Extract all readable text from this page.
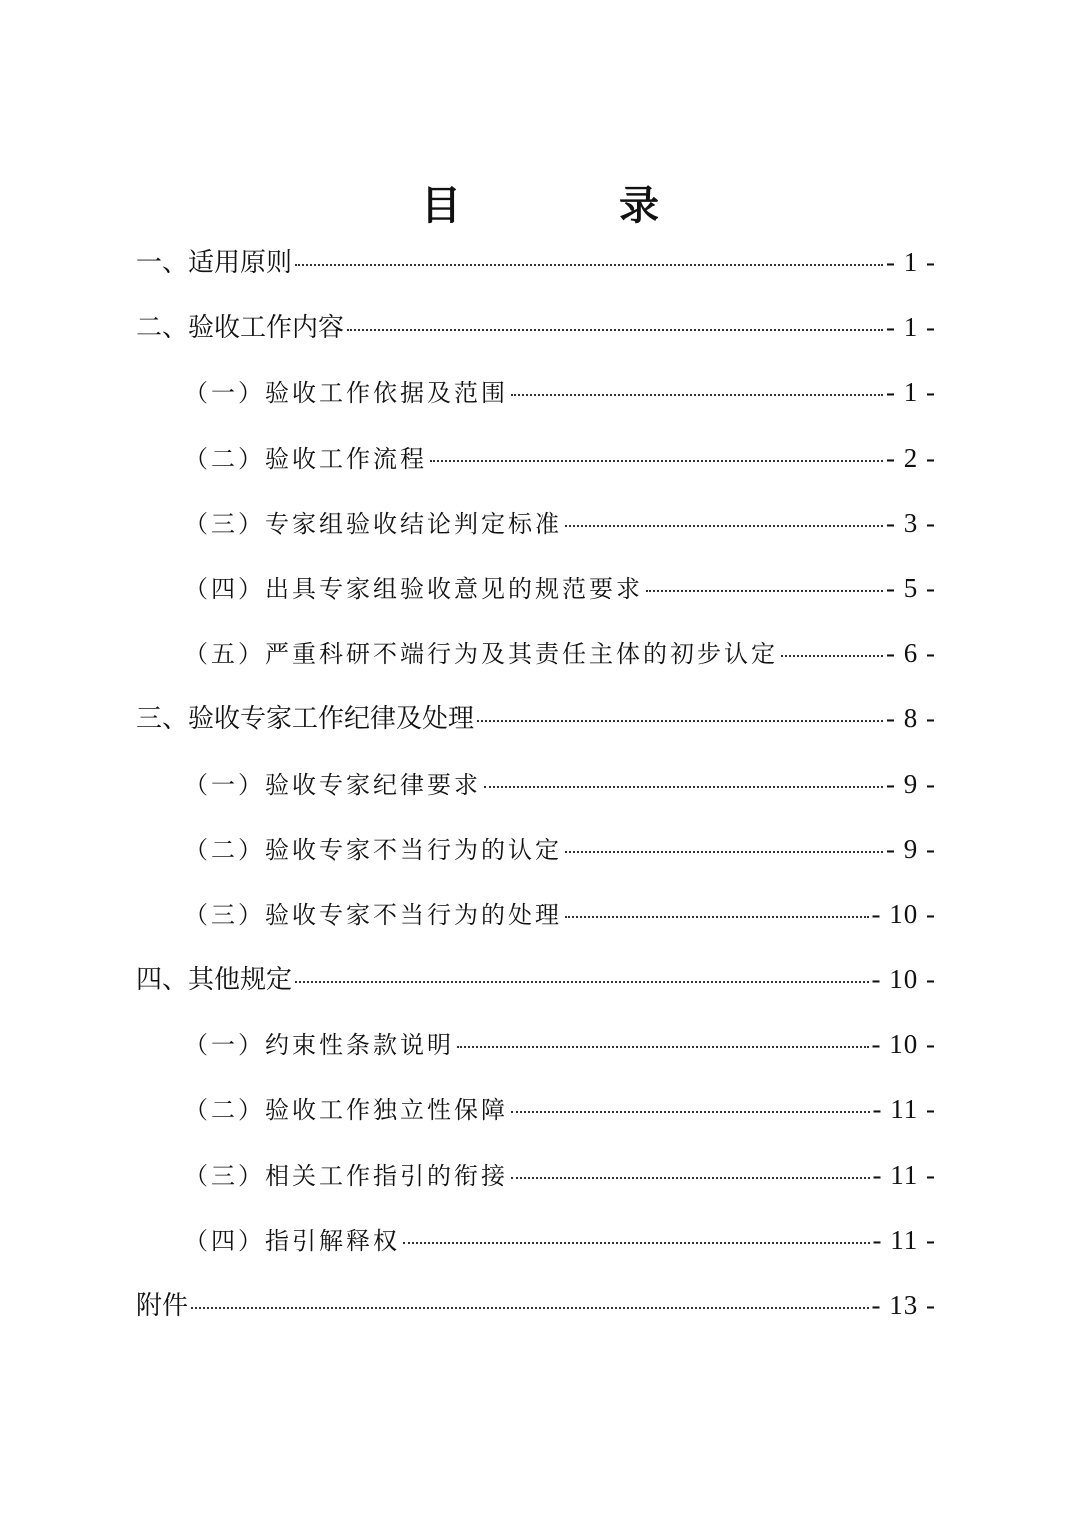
目 录
一、适用原则	- 1 -
二、验收工作内容	- 1 -
（一）验收工作依据及范围	- 1 -
（二）验收工作流程	- 2 -
（三）专家组验收结论判定标准	- 3 -
（四）出具专家组验收意见的规范要求	- 5 -
（五）严重科研不端行为及其责任主体的初步认定	- 6 -
三、验收专家工作纪律及处理	- 8 -
（一）验收专家纪律要求	- 9 -
（二）验收专家不当行为的认定	- 9 -
（三）验收专家不当行为的处理	- 10 -
四、其他规定	- 10 -
（一）约束性条款说明	- 10 -
（二）验收工作独立性保障	- 11 -
（三）相关工作指引的衔接	- 11 -
（四）指引解释权	- 11 -
附件	- 13 -
